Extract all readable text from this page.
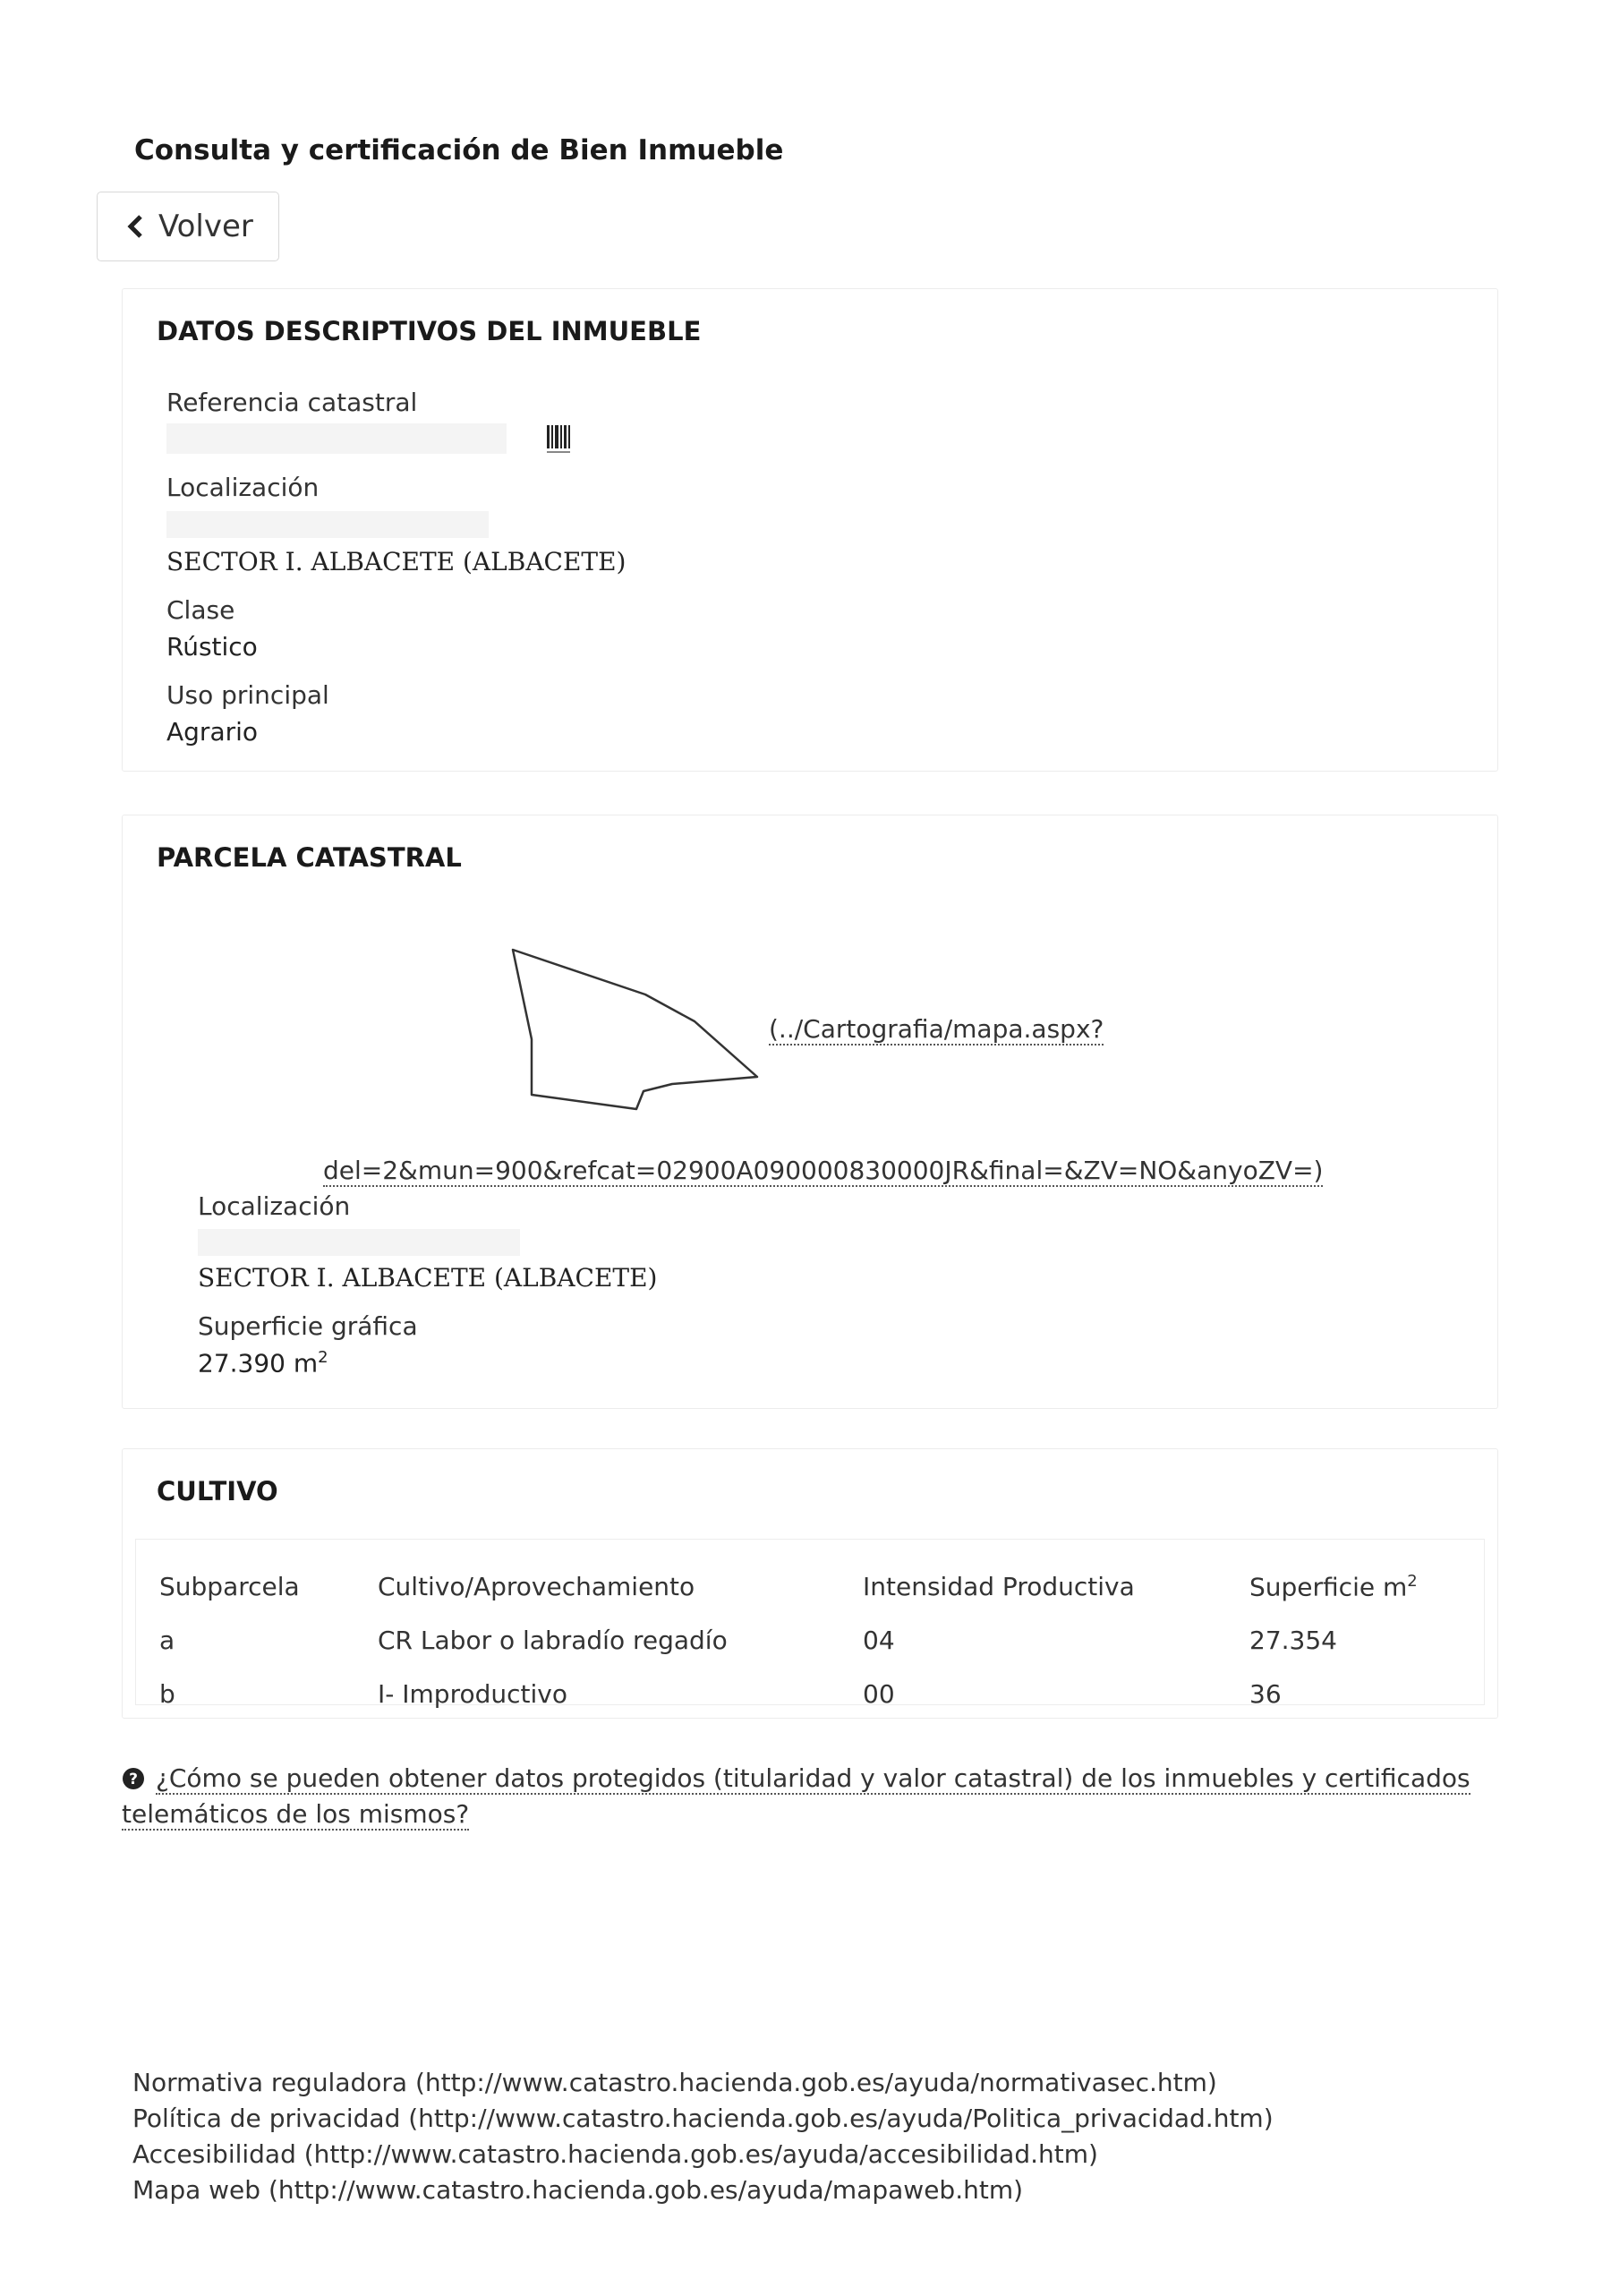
Consulta y certificación de Bien Inmueble
Volver
DATOS DESCRIPTIVOS DEL INMUEBLE
Referencia catastral
Localización
SECTOR I. ALBACETE (ALBACETE)
Clase
Rústico
Uso principal
Agrario
PARCELA CATASTRAL
(../Cartografia/mapa.aspx?
del=2&mun=900&refcat=02900A090000830000JR&final=&ZV=NO&anyoZV=)
Localización
SECTOR I. ALBACETE (ALBACETE)
Superficie gráfica
27.390 $m^2$
CULTIVO
Subparcela	Cultivo/Aprovechamiento	Intensidad Productiva	Superficie $m^2$
a	CR Labor o labradío regadío	04	27.354
b	I- Improductivo	00	36
? ¿Cómo se pueden obtener datos protegidos (titularidad y valor catastral) de los inmuebles y certificados
telemáticos de los mismos?
Normativa reguladora (http://www.catastro.hacienda.gob.es/ayuda/normativasec.htm)
Política de privacidad (http://www.catastro.hacienda.gob.es/ayuda/Politica_privacidad.htm)
Accesibilidad (http://www.catastro.hacienda.gob.es/ayuda/accesibilidad.htm)
Mapa web (http://www.catastro.hacienda.gob.es/ayuda/mapaweb.htm)
